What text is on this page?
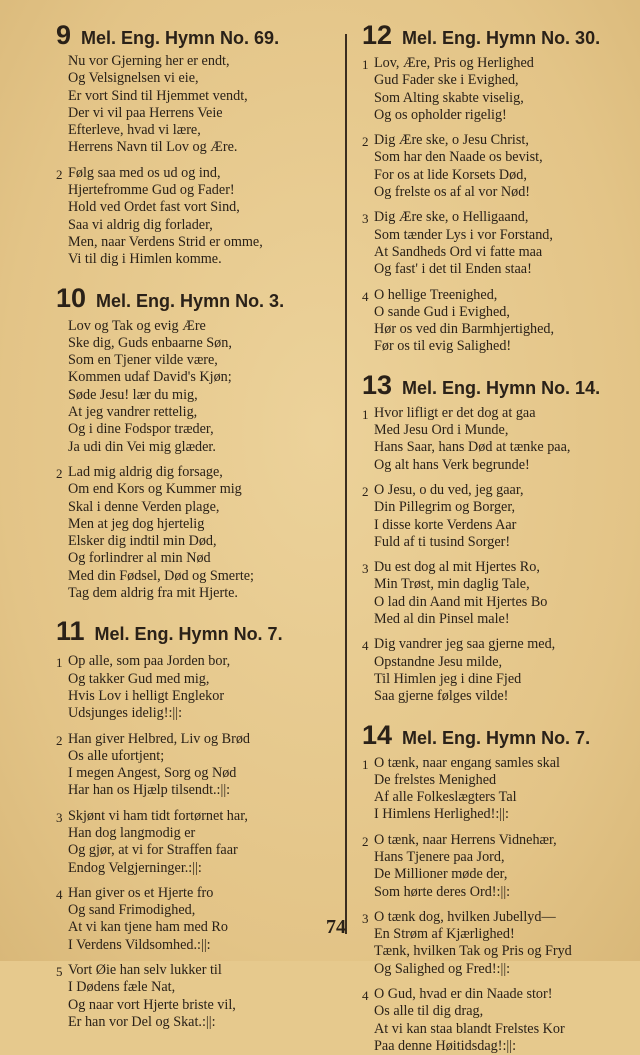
9 Mel. Eng. Hymn No. 69.
Nu vor Gjerning her er endt,
Og Velsignelsen vi eie,
Er vort Sind til Hjemmet vendt,
Der vi vil paa Herrens Veie
Efterleve, hvad vi lære,
Herrens Navn til Lov og Ære.
2 Følg saa med os ud og ind,
Hjertefromme Gud og Fader!
Hold ved Ordet fast vort Sind,
Saa vi aldrig dig forlader,
Men, naar Verdens Strid er omme,
Vi til dig i Himlen komme.
10 Mel. Eng. Hymn No. 3.
Lov og Tak og evig Ære
Ske dig, Guds enbaarne Søn,
Som en Tjener vilde være,
Kommen udaf David's Kjøn;
Søde Jesu! lær du mig,
At jeg vandrer rettelig,
Og i dine Fodspor træder,
Ja udi din Vei mig glæder.
2 Lad mig aldrig dig forsage,
Om end Kors og Kummer mig
Skal i denne Verden plage,
Men at jeg dog hjertelig
Elsker dig indtil min Død,
Og forlindrer al min Nød
Med din Fødsel, Død og Smerte;
Tag dem aldrig fra mit Hjerte.
11 Mel. Eng. Hymn No. 7.
1 Op alle, som paa Jorden bor,
Og takker Gud med mig,
Hvis Lov i helligt Englekor
Udsjunges idelig!:||:
2 Han giver Helbred, Liv og Brød
Os alle ufortjent;
I megen Angest, Sorg og Nød
Har han os Hjælp tilsendt.:||:
3 Skjønt vi ham tidt fortørnet har,
Han dog langmodig er
Og gjør, at vi for Straffen faar
Endog Velgjerninger.:||:
4 Han giver os et Hjerte fro
Og sand Frimodighed,
At vi kan tjene ham med Ro
I Verdens Vildsomhed.:||:
5 Vort Øie han selv lukker til
I Dødens fæle Nat,
Og naar vort Hjerte briste vil,
Er han vor Del og Skat.:||:
12 Mel. Eng. Hymn No. 30.
1 Lov, Ære, Pris og Herlighed
Gud Fader ske i Evighed,
Som Alting skabte viselig,
Og os opholder rigelig!
2 Dig Ære ske, o Jesu Christ,
Som har den Naade os bevist,
For os at lide Korsets Død,
Og frelste os af al vor Nød!
3 Dig Ære ske, o Helligaand,
Som tænder Lys i vor Forstand,
At Sandheds Ord vi fatte maa
Og fast' i det til Enden staa!
4 O hellige Treenighed,
O sande Gud i Evighed,
Hør os ved din Barmhjertighed,
Før os til evig Salighed!
13 Mel. Eng. Hymn No. 14.
1 Hvor lifligt er det dog at gaa
Med Jesu Ord i Munde,
Hans Saar, hans Død at tænke paa,
Og alt hans Verk begrunde!
2 O Jesu, o du ved, jeg gaar,
Din Pillegrim og Borger,
I disse korte Verdens Aar
Fuld af ti tusind Sorger!
3 Du est dog al mit Hjertes Ro,
Min Trøst, min daglig Tale,
O lad din Aand mit Hjertes Bo
Med al din Pinsel male!
4 Dig vandrer jeg saa gjerne med,
Opstandne Jesu milde,
Til Himlen jeg i dine Fjed
Saa gjerne følges vilde!
14 Mel. Eng. Hymn No. 7.
1 O tænk, naar engang samles skal
De frelstes Menighed
Af alle Folkeslægters Tal
I Himlens Herlighed!:||:
2 O tænk, naar Herrens Vidnehær,
Hans Tjenere paa Jord,
De Millioner møde der,
Som hørte deres Ord!:||:
3 O tænk dog, hvilken Jubellyd—
En Strøm af Kjærlighed!
Tænk, hvilken Tak og Pris og Fryd
Og Salighed og Fred!:||:
4 O Gud, hvad er din Naade stor!
Os alle til dig drag,
At vi kan staa blandt Frelstes Kor
Paa denne Høitidsdag!:||:
74
